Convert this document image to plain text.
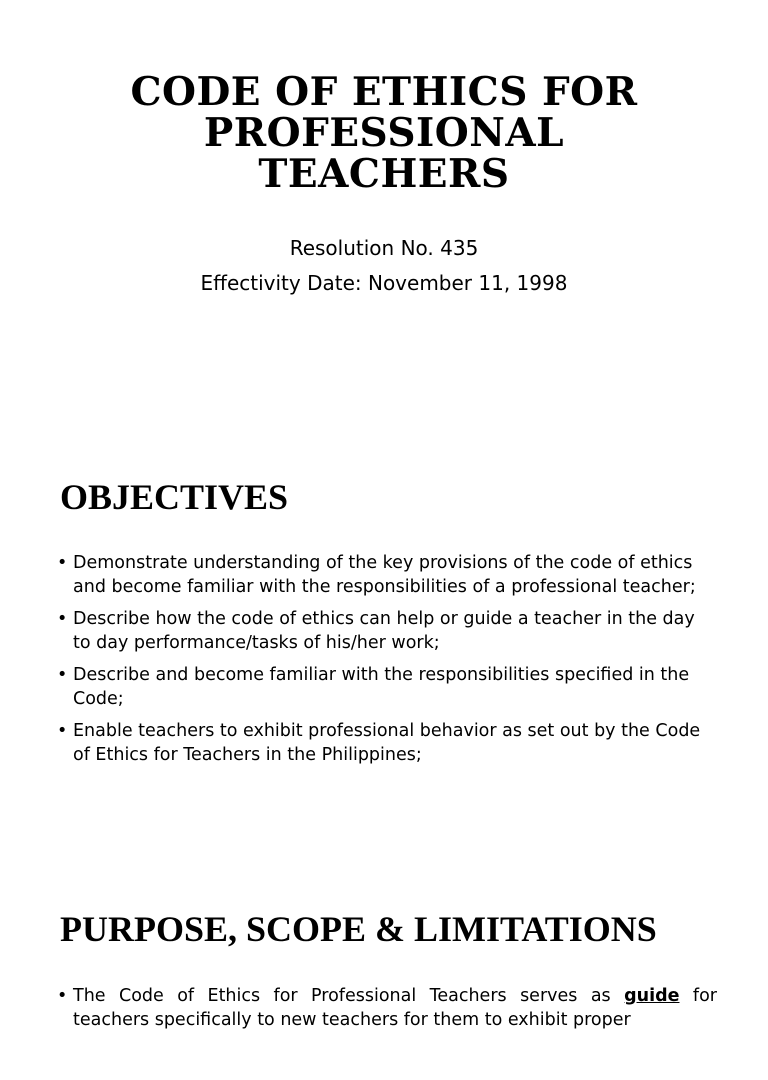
CODE OF ETHICS FOR
PROFESSIONAL
TEACHERS
Resolution No. 435
Effectivity Date: November 11, 1998
OBJECTIVES
• Demonstrate understanding of the key provisions of the code of ethics and become familiar with the responsibilities of a professional teacher;
• Describe how the code of ethics can help or guide a teacher in the day to day performance/tasks of his/her work;
• Describe and become familiar with the responsibilities specified in the Code;
• Enable teachers to exhibit professional behavior as set out by the Code of Ethics for Teachers in the Philippines;
PURPOSE, SCOPE & LIMITATIONS
• The Code of Ethics for Professional Teachers serves as guide for teachers specifically to new teachers for them to exhibit proper
